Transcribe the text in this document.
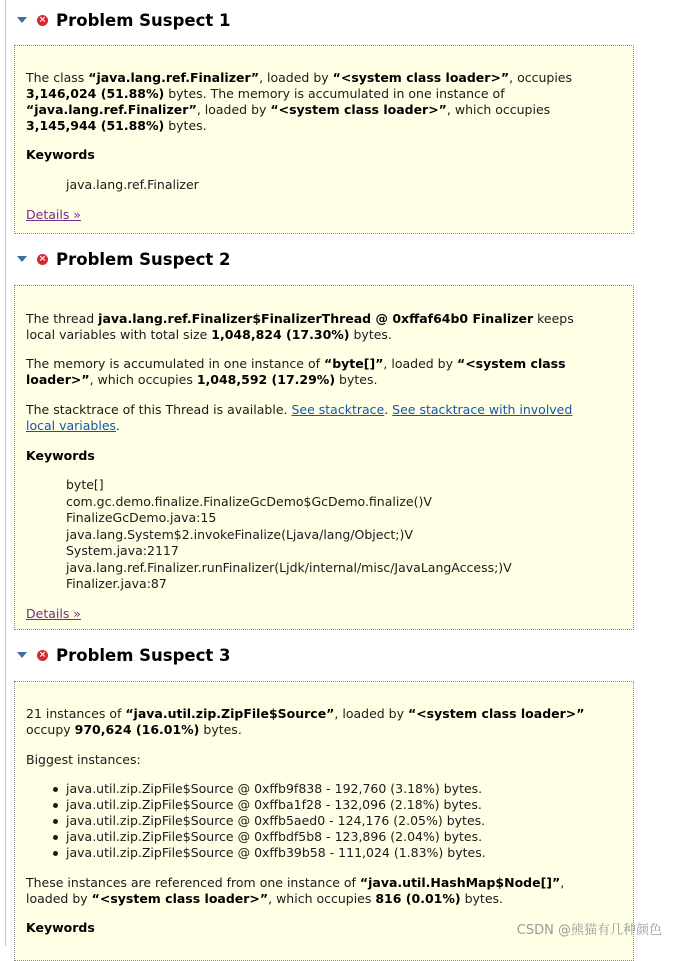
× Problem Suspect 1

The class “java.lang.ref.Finalizer”, loaded by “<system class loader>”, occupies
3,146,024 (51.88%) bytes. The memory is accumulated in one instance of
“java.lang.ref.Finalizer”, loaded by “<system class loader>”, which occupies
3,145,944 (51.88%) bytes.

Keywords

java.lang.ref.Finalizer

Details »

× Problem Suspect 2

The thread java.lang.ref.Finalizer$FinalizerThread @ 0xffaf64b0 Finalizer keeps
local variables with total size 1,048,824 (17.30%) bytes.

The memory is accumulated in one instance of “byte[]”, loaded by “<system class
loader>”, which occupies 1,048,592 (17.29%) bytes.

The stacktrace of this Thread is available. See stacktrace. See stacktrace with involved
local variables.

Keywords

byte[]
com.gc.demo.finalize.FinalizeGcDemo$GcDemo.finalize()V
FinalizeGcDemo.java:15
java.lang.System$2.invokeFinalize(Ljava/lang/Object;)V
System.java:2117
java.lang.ref.Finalizer.runFinalizer(Ljdk/internal/misc/JavaLangAccess;)V
Finalizer.java:87

Details »

× Problem Suspect 3

21 instances of “java.util.zip.ZipFile$Source”, loaded by “<system class loader>”
occupy 970,624 (16.01%) bytes.

Biggest instances:

java.util.zip.ZipFile$Source @ 0xffb9f838 - 192,760 (3.18%) bytes.
java.util.zip.ZipFile$Source @ 0xffba1f28 - 132,096 (2.18%) bytes.
java.util.zip.ZipFile$Source @ 0xffb5aed0 - 124,176 (2.05%) bytes.
java.util.zip.ZipFile$Source @ 0xffbdf5b8 - 123,896 (2.04%) bytes.
java.util.zip.ZipFile$Source @ 0xffb39b58 - 111,024 (1.83%) bytes.

These instances are referenced from one instance of “java.util.HashMap$Node[]”,
loaded by “<system class loader>”, which occupies 816 (0.01%) bytes.

Keywords	CSDN @熊猫有几种颜色
